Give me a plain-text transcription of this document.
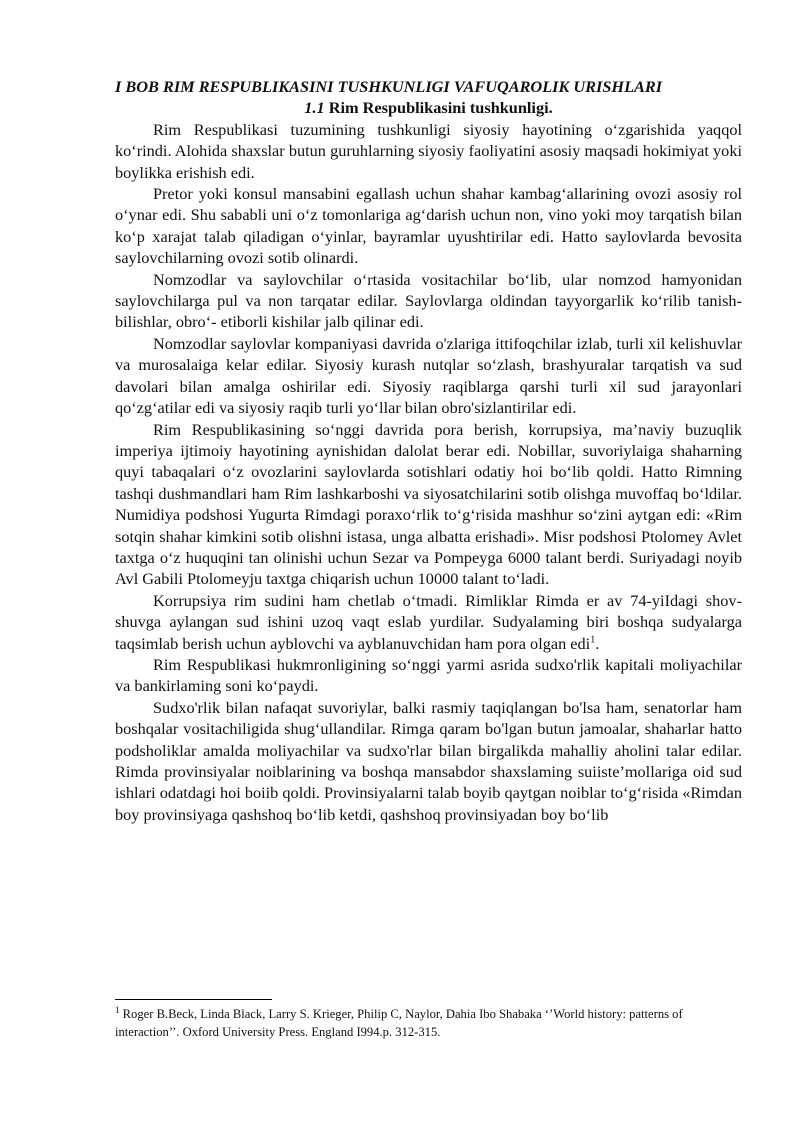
I BOB RIM RESPUBLIKASINI TUSHKUNLIGI VAFUQAROLIK URISHLARI

1.1 Rim Respublikasini tushkunligi.

Rim Respublikasi tuzumining tushkunligi siyosiy hayotining o‘zgarishida yaqqol ko‘rindi. Alohida shaxslar butun guruhlarning siyosiy faoliyatini asosiy maqsadi hokimiyat yoki boylikka erishish edi.

Pretor yoki konsul mansabini egallash uchun shahar kambag‘allarining ovozi asosiy rol o‘ynar edi. Shu sababli uni o‘z tomonlariga ag‘darish uchun non, vino yoki moy tarqatish bilan ko‘p xarajat talab qiladigan o‘yinlar, bayramlar uyushtirilar edi. Hatto saylovlarda bevosita saylovchilarning ovozi sotib olinardi.

Nomzodlar va saylovchilar o‘rtasida vositachilar bo‘lib, ular nomzod hamyonidan saylovchilarga pul va non tarqatar edilar. Saylovlarga oldindan tayyorgarlik ko‘rilib tanish-bilishlar, obro‘- etiborli kishilar jalb qilinar edi.

Nomzodlar saylovlar kompaniyasi davrida o'zlariga ittifoqchilar izlab, turli xil kelishuvlar va murosalaiga kelar edilar. Siyosiy kurash nutqlar so‘zlash, brashyuralar tarqatish va sud davolari bilan amalga oshirilar edi. Siyosiy raqiblarga qarshi turli xil sud jarayonlari qo‘zg‘atilar edi va siyosiy raqib turli yo‘llar bilan obro'sizlantirilar edi.

Rim Respublikasining so‘nggi davrida pora berish, korrupsiya, ma’naviy buzuqlik imperiya ijtimoiy hayotining aynishidan dalolat berar edi. Nobillar, suvoriylaiga shaharning quyi tabaqalari o‘z ovozlarini saylovlarda sotishlari odatiy hoi bo‘lib qoldi. Hatto Rimning tashqi dushmandlari ham Rim lashkarboshi va siyosatchilarini sotib olishga muvoffaq bo‘ldilar. Numidiya podshosi Yugurta Rimdagi poraxo‘rlik to‘g‘risida mashhur so‘zini aytgan edi: «Rim sotqin shahar kimkini sotib olishni istasa, unga albatta erishadi». Misr podshosi Ptolomey Avlet taxtga o‘z huquqini tan olinishi uchun Sezar va Pompeyga 6000 talant berdi. Suriyadagi noyib Avl Gabili Ptolomeyju taxtga chiqarish uchun 10000 talant to‘ladi.

Korrupsiya rim sudini ham chetlab o‘tmadi. Rimliklar Rimda er av 74-yiIdagi shov-shuvga aylangan sud ishini uzoq vaqt eslab yurdilar. Sudyalaming biri boshqa sudyalarga taqsimlab berish uchun ayblovchi va ayblanuvchidan ham pora olgan edi$^1$.

Rim Respublikasi hukmronligining so‘nggi yarmi asrida sudxo'rlik kapitali moliyachilar va bankirlaming soni ko‘paydi.

Sudxo'rlik bilan nafaqat suvoriylar, balki rasmiy taqiqlangan bo'lsa ham, senatorlar ham boshqalar vositachiligida shug‘ullandilar. Rimga qaram bo'lgan butun jamoalar, shaharlar hatto podsholiklar amalda moliyachilar va sudxo'rlar bilan birgalikda mahalliy aholini talar edilar. Rimda provinsiyalar noiblarining va boshqa mansabdor shaxslaming suiiste’mollariga oid sud ishlari odatdagi hoi boiib qoldi. Provinsiyalarni talab boyib qaytgan noiblar to‘g‘risida «Rimdan boy provinsiyaga qashshoq bo‘lib ketdi, qashshoq provinsiyadan boy bo‘lib

$^1$ Roger B.Beck, Linda Black, Larry S. Krieger, Philip C, Naylor, Dahia Ibo Shabaka ‘’World history: patterns of interaction’’. Oxford University Press. England I994.p. 312-315.
